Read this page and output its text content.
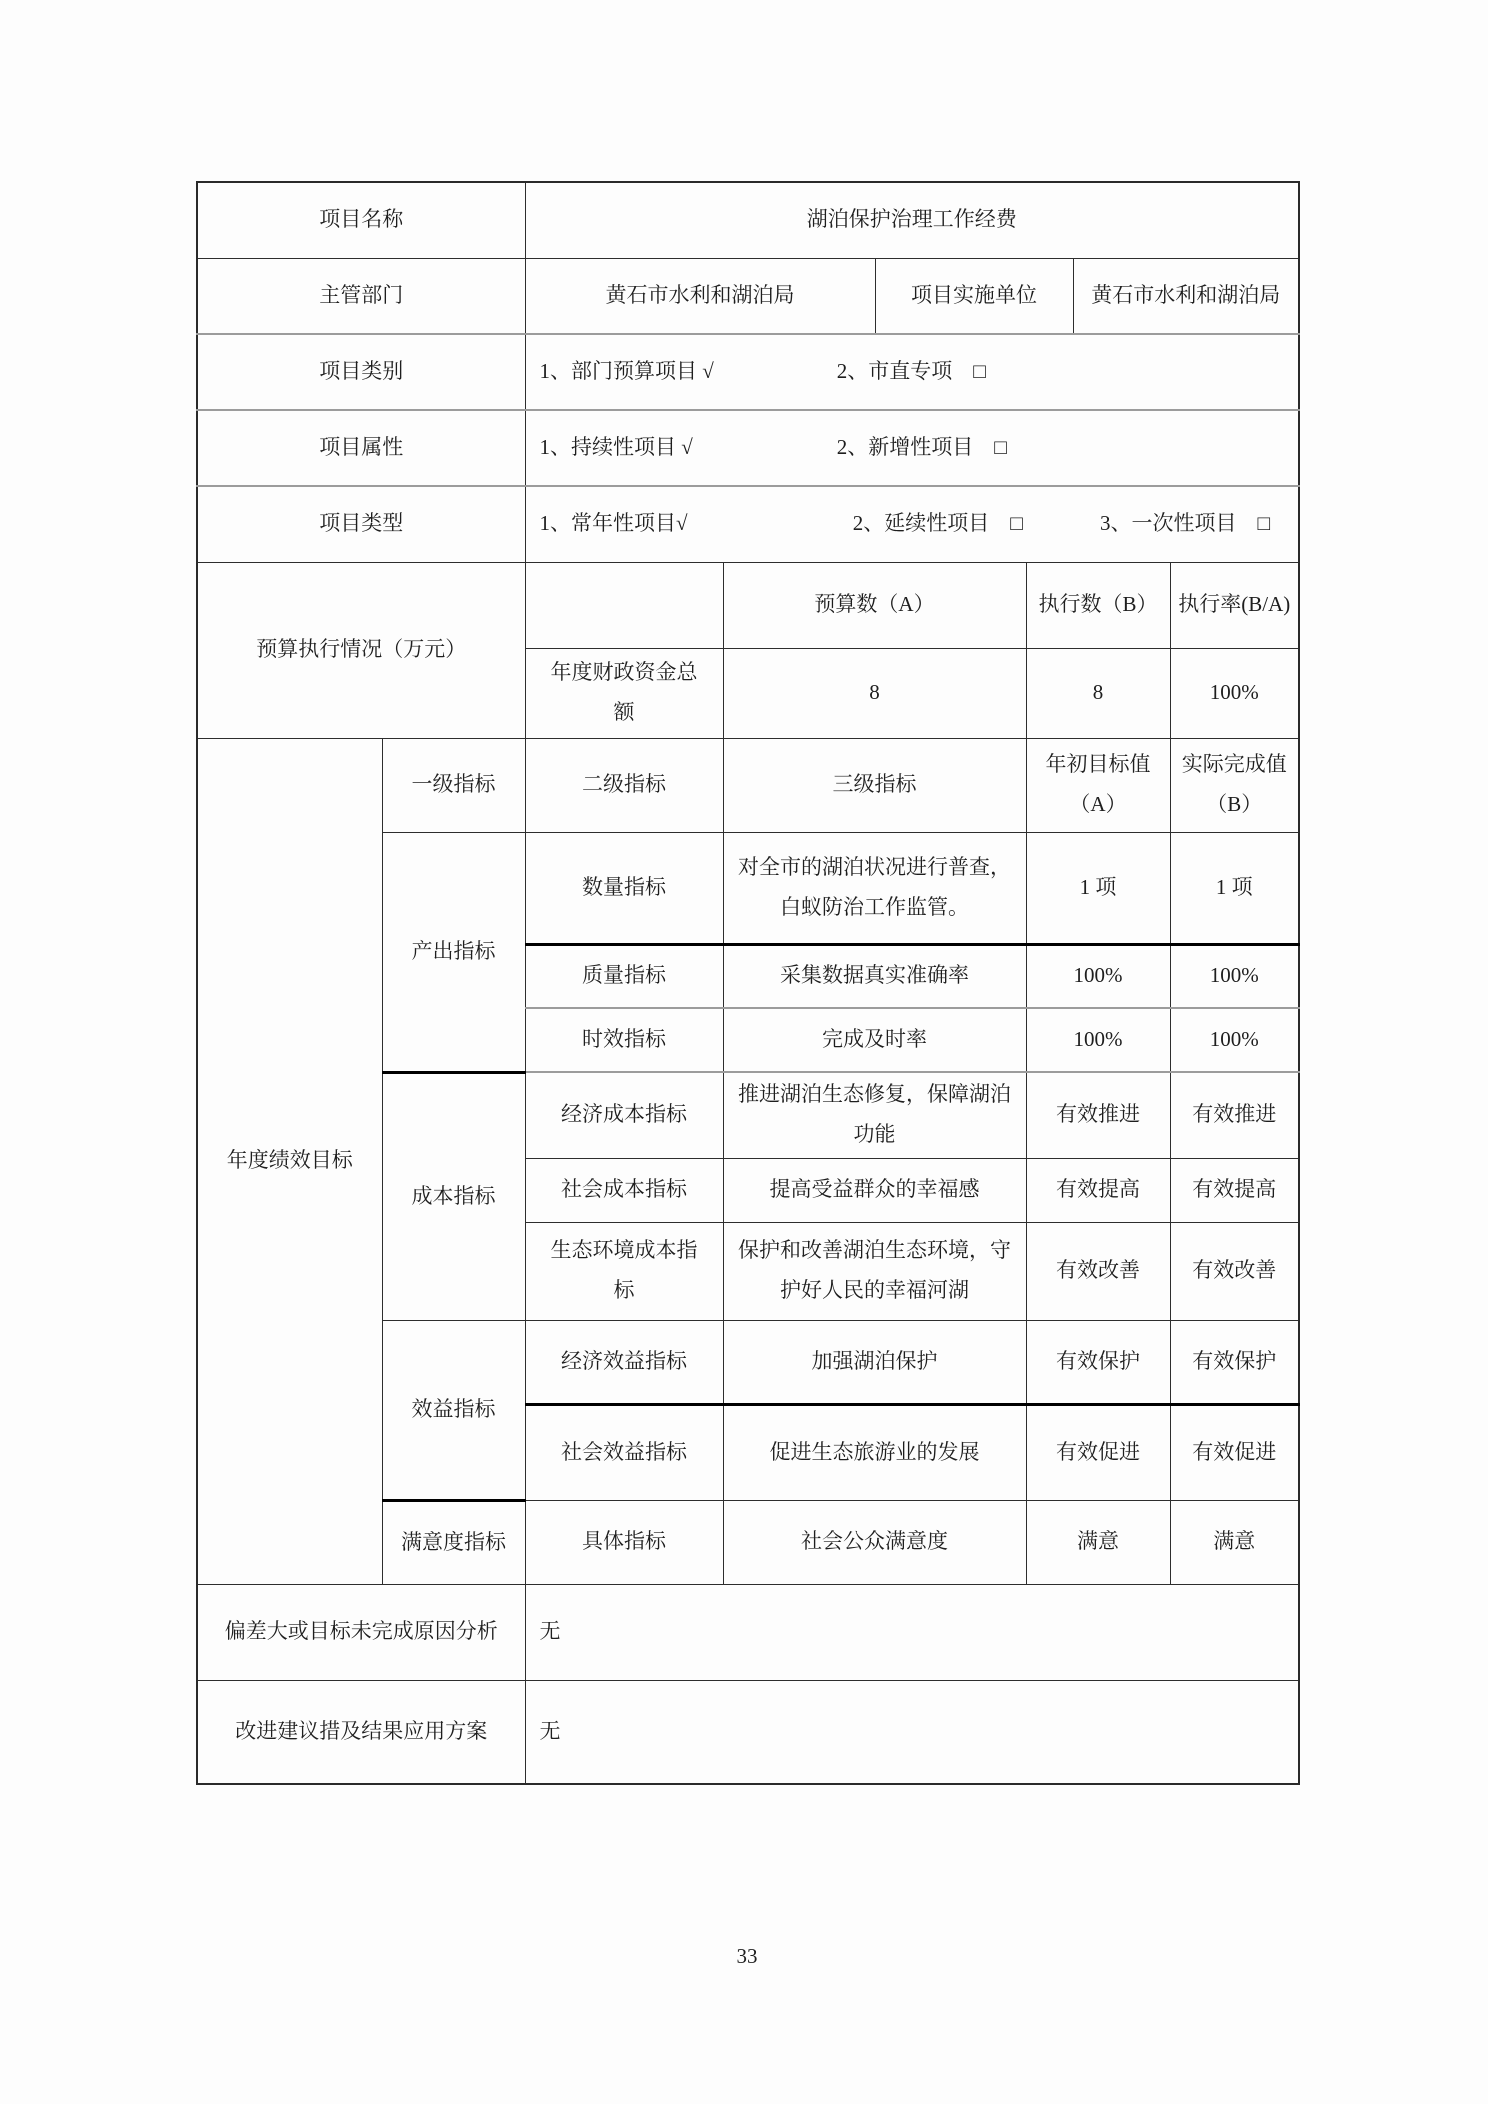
项目名称		湖泊保护治理工作经费					
主管部门		黄石市水利和湖泊局		项目实施单位		黄石市水利和湖泊局	
项目类别		1、部门预算项目 √ 2、市直专项　□					
项目属性		1、持续性项目 √ 2、新增性项目　□					
项目类型		1、常年性项目√ 2、延续性项目　□ 3、一次性项目　□					
预算执行情况（万元）			预算数（A）		执行数（B）		执行率(B/A)
		年度财政资金总额	8		8		100%
年度绩效目标	一级指标	二级指标	三级指标		年初目标值（A）		实际完成值（B）
	产出指标	数量指标	对全市的湖泊状况进行普查，白蚁防治工作监管。		1 项		1 项
		质量指标	采集数据真实准确率		100%		100%
		时效指标	完成及时率		100%		100%
	成本指标	经济成本指标	推进湖泊生态修复，保障湖泊功能		有效推进		有效推进
		社会成本指标	提高受益群众的幸福感		有效提高		有效提高
		生态环境成本指标	保护和改善湖泊生态环境，守护好人民的幸福河湖		有效改善		有效改善
	效益指标	经济效益指标	加强湖泊保护		有效保护		有效保护
		社会效益指标	促进生态旅游业的发展		有效促进		有效促进
	满意度指标	具体指标	社会公众满意度		满意		满意
偏差大或目标未完成原因分析		无					
改进建议措及结果应用方案		无					
33
